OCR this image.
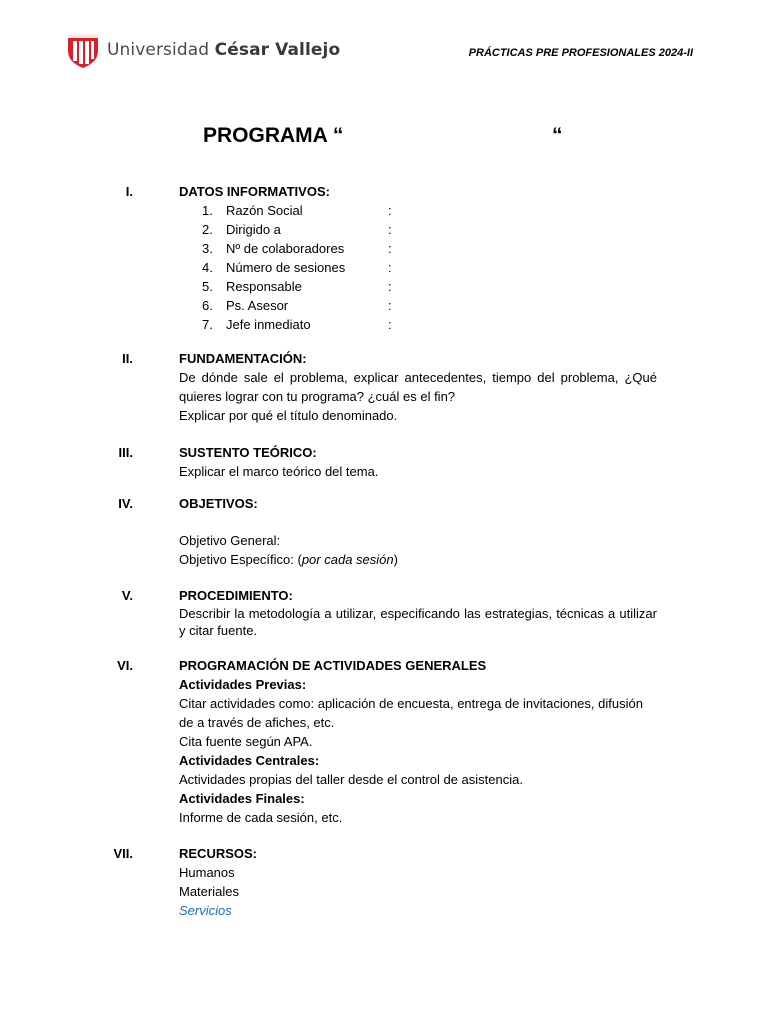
Universidad César Vallejo	PRÁCTICAS PRE PROFESIONALES 2024-II
PROGRAMA “	“
I.	DATOS INFORMATIVOS:
1. Razón Social	:
2. Dirigido a	:
3. Nº de colaboradores	:
4. Número de sesiones	:
5. Responsable	:
6. Ps. Asesor	:
7. Jefe inmediato	:
II.	FUNDAMENTACIÓN:
De dónde sale el problema, explicar antecedentes, tiempo del problema, ¿Qué quieres lograr con tu programa? ¿cuál es el fin?
Explicar por qué el título denominado.
III.	SUSTENTO TEÓRICO:
Explicar el marco teórico del tema.
IV.	OBJETIVOS:
Objetivo General:
Objetivo Específico: (por cada sesión)
V.	PROCEDIMIENTO:
Describir la metodología a utilizar, especificando las estrategias, técnicas a utilizar y citar fuente.
VI.	PROGRAMACIÓN DE ACTIVIDADES GENERALES
Actividades Previas:
Citar actividades como: aplicación de encuesta, entrega de invitaciones, difusión
de a través de afiches, etc.
Cita fuente según APA.
Actividades Centrales:
Actividades propias del taller desde el control de asistencia.
Actividades Finales:
Informe de cada sesión, etc.
VII.	RECURSOS:
Humanos
Materiales
Servicios
